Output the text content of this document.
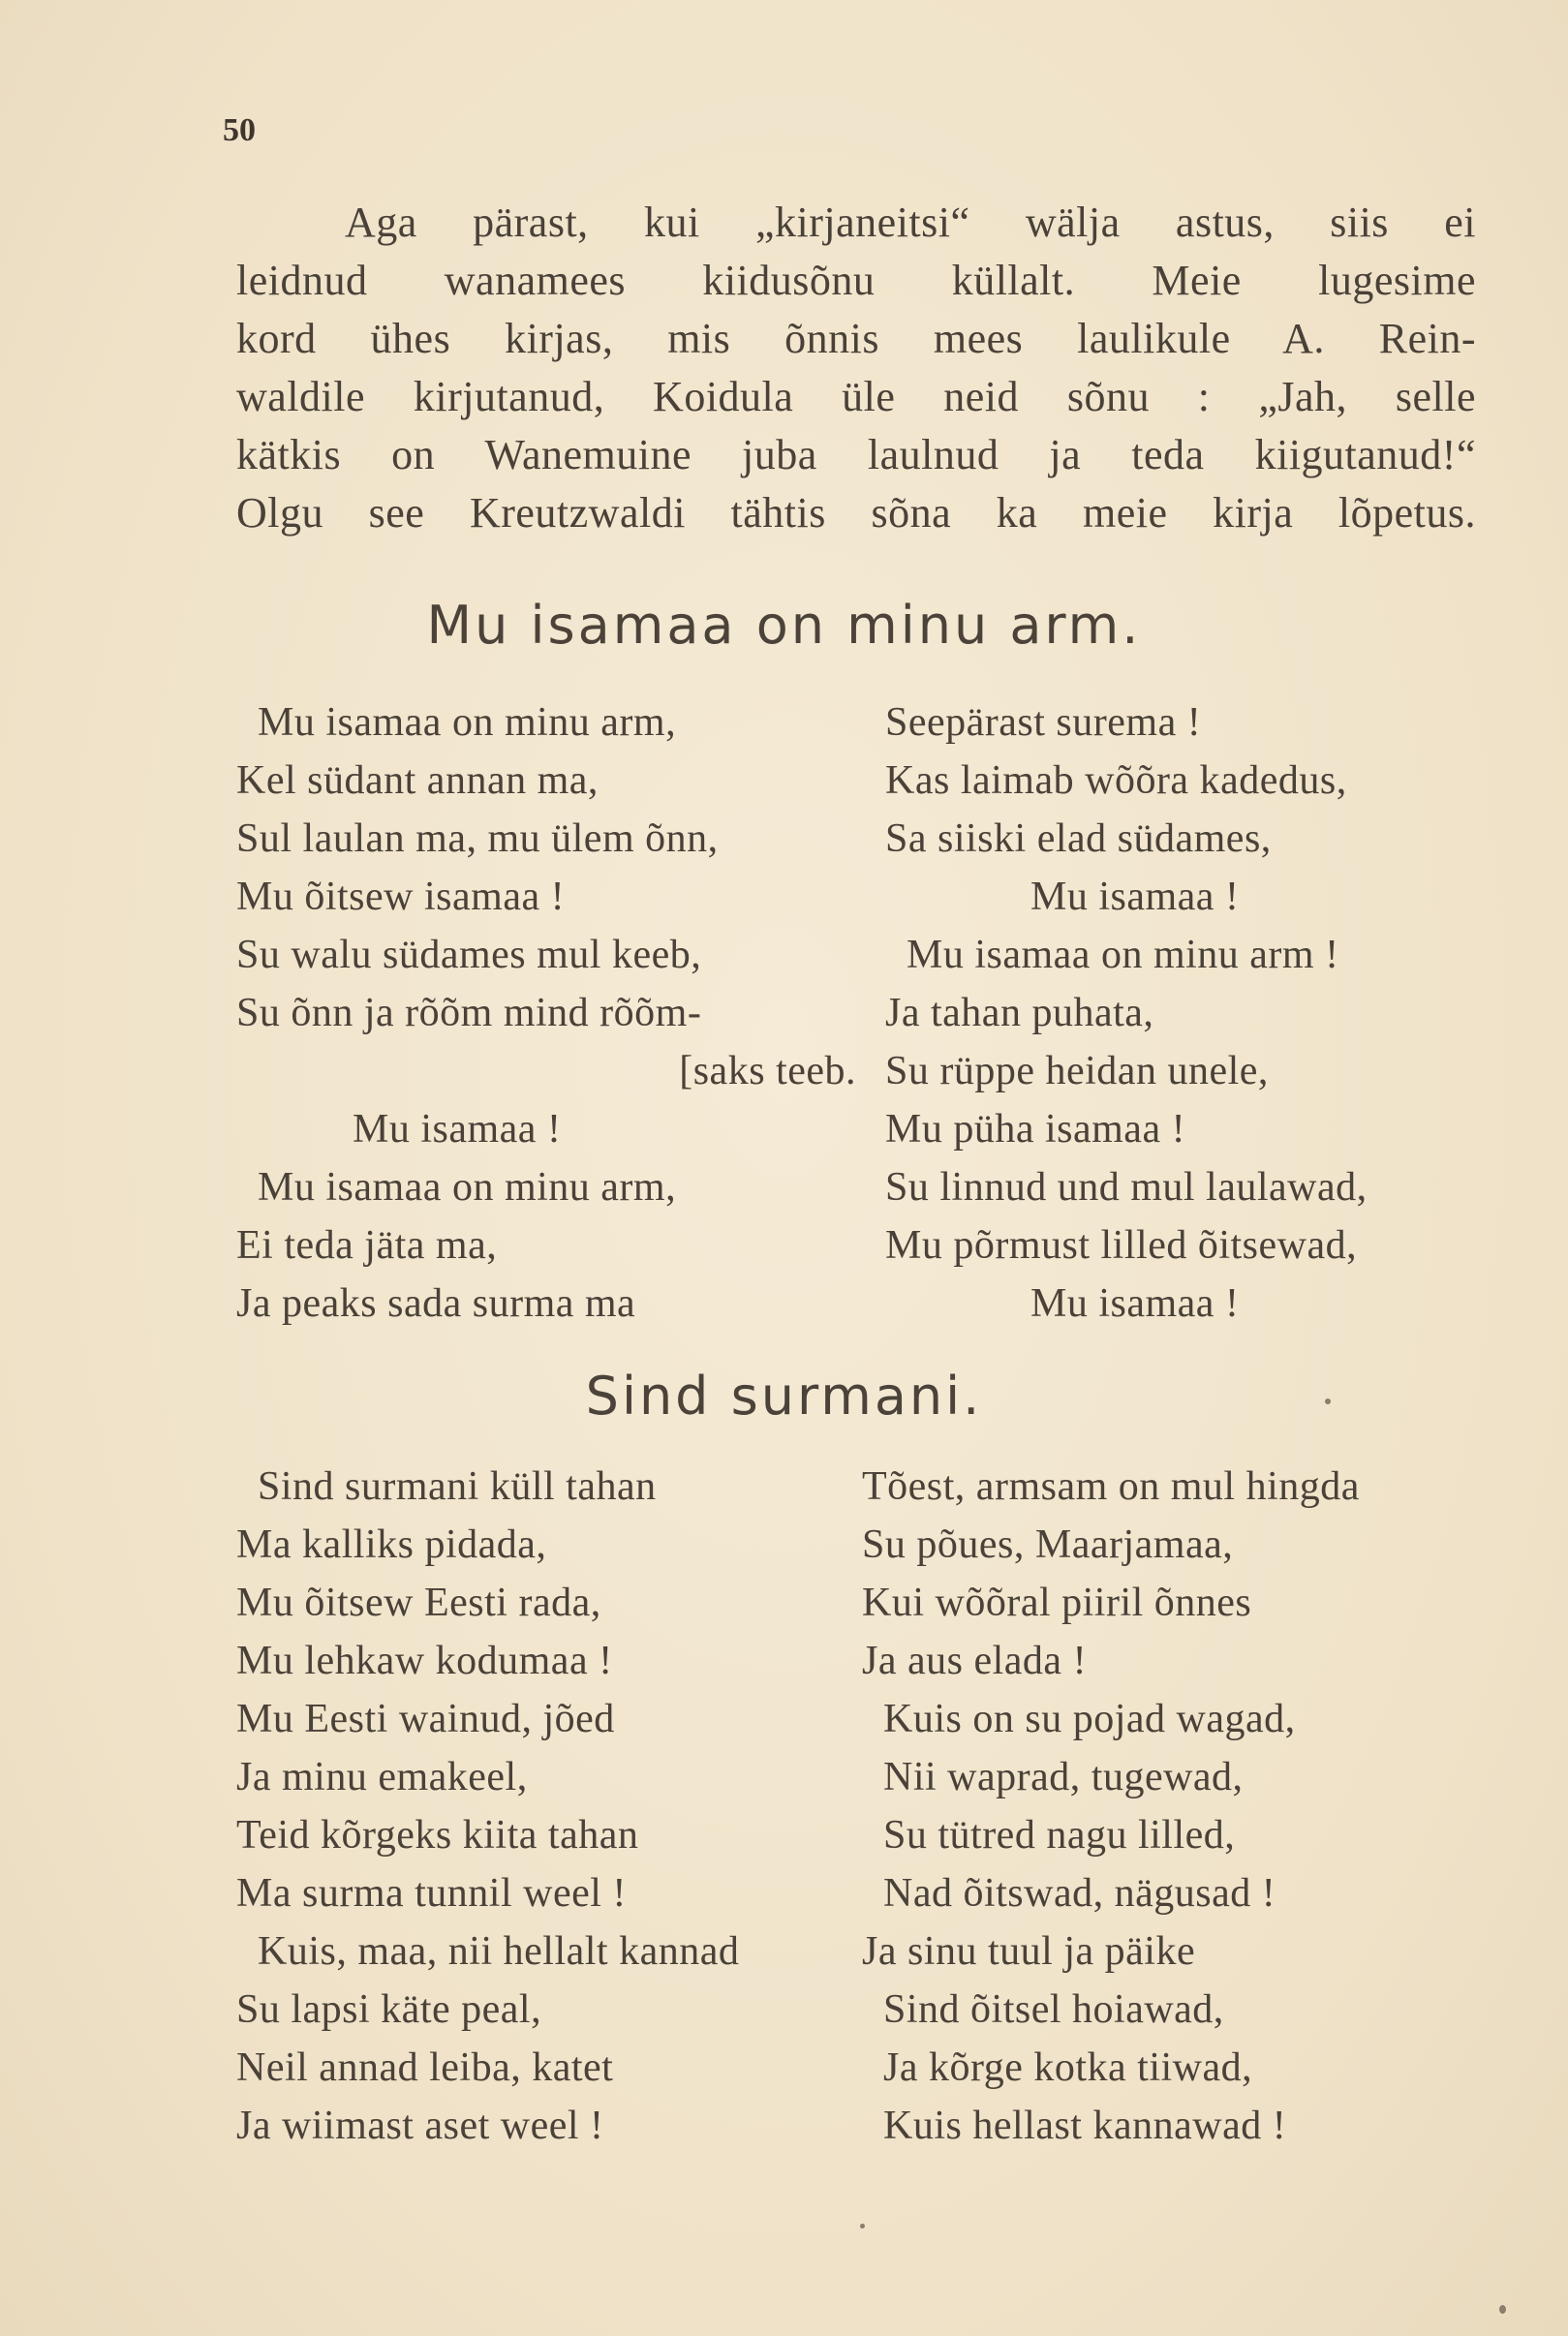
50
Aga pärast, kui „kirjaneitsi“ wälja astus, siis ei
leidnud wanamees kiidusõnu küllalt. Meie lugesime
kord ühes kirjas, mis õnnis mees laulikule A. Rein-
waldile kirjutanud, Koidula üle neid sõnu : „Jah, selle
kätkis on Wanemuine juba laulnud ja teda kiigutanud!“
Olgu see Kreutzwaldi tähtis sõna ka meie kirja lõpetus.
Mu isamaa on minu arm.
Mu isamaa on minu arm,
Kel südant annan ma,
Sul laulan ma, mu ülem õnn,
Mu õitsew isamaa !
Su walu südames mul keeb,
Su õnn ja rõõm mind rõõm-
[saks teeb.
Mu isamaa !
Mu isamaa on minu arm,
Ei teda jäta ma,
Ja peaks sada surma ma
Seepärast surema !
Kas laimab wõõra kadedus,
Sa siiski elad südames,
Mu isamaa !
Mu isamaa on minu arm !
Ja tahan puhata,
Su rüppe heidan unele,
Mu püha isamaa !
Su linnud und mul laulawad,
Mu põrmust lilled õitsewad,
Mu isamaa !
Sind surmani.
Sind surmani küll tahan
Ma kalliks pidada,
Mu õitsew Eesti rada,
Mu lehkaw kodumaa !
Mu Eesti wainud, jõed
Ja minu emakeel,
Teid kõrgeks kiita tahan
Ma surma tunnil weel !
Kuis, maa, nii hellalt kannad
Su lapsi käte peal,
Neil annad leiba, katet
Ja wiimast aset weel !
Tõest, armsam on mul hingda
Su põues, Maarjamaa,
Kui wõõral piiril õnnes
Ja aus elada !
Kuis on su pojad wagad,
Nii waprad, tugewad,
Su tütred nagu lilled,
Nad õitswad, nägusad !
Ja sinu tuul ja päike
Sind õitsel hoiawad,
Ja kõrge kotka tiiwad,
Kuis hellast kannawad !
